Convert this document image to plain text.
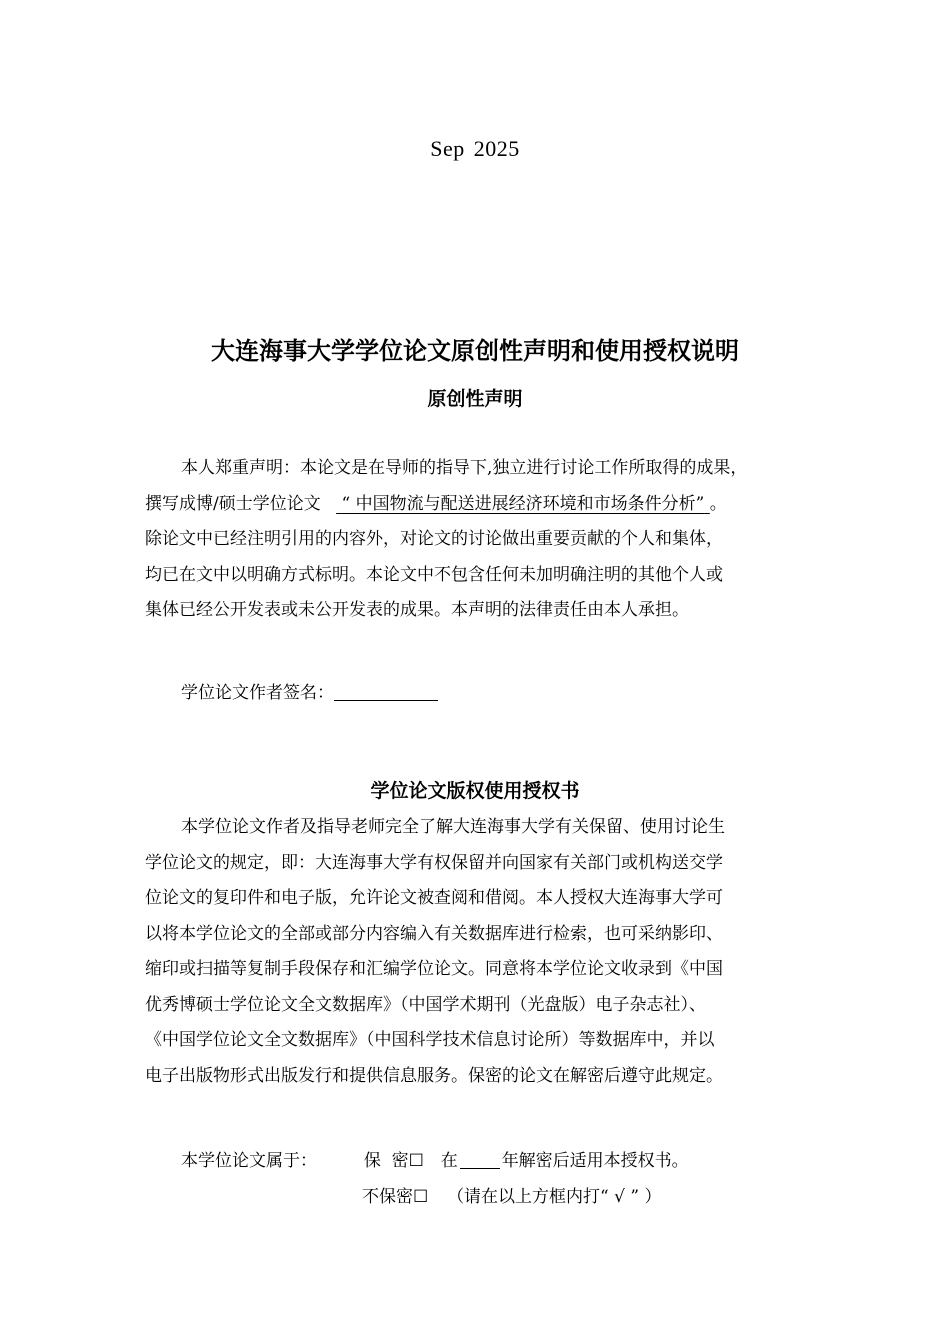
Sep 2025
大连海事大学学位论文原创性声明和使用授权说明
原创性声明
本人郑重声明：本论文是在导师的指导下,独立进行讨论工作所取得的成果，
撰写成博/硕士学位论文 “ 中国物流与配送进展经济环境和市场条件分析” 。
除论文中已经注明引用的内容外，对论文的讨论做出重要贡献的个人和集体，
均已在文中以明确方式标明。本论文中不包含任何未加明确注明的其他个人或
集体已经公开发表或未公开发表的成果。本声明的法律责任由本人承担。
学位论文作者签名：
学位论文版权使用授权书
本学位论文作者及指导老师完全了解大连海事大学有关保留、使用讨论生
学位论文的规定，即：大连海事大学有权保留并向国家有关部门或机构送交学
位论文的复印件和电子版，允许论文被查阅和借阅。本人授权大连海事大学可
以将本学位论文的全部或部分内容编入有关数据库进行检索，也可采纳影印、
缩印或扫描等复制手段保存和汇编学位论文。同意将本学位论文收录到《中国
优秀博硕士学位论文全文数据库》（中国学术期刊（光盘版）电子杂志社）、
《中国学位论文全文数据库》（中国科学技术信息讨论所）等数据库中，并以
电子出版物形式出版发行和提供信息服务。保密的论文在解密后遵守此规定。
本学位论文属于：	保  密☐ 在	年解密后适用本授权书。
不保密☐ （请在以上方框内打“ √ ” ）
